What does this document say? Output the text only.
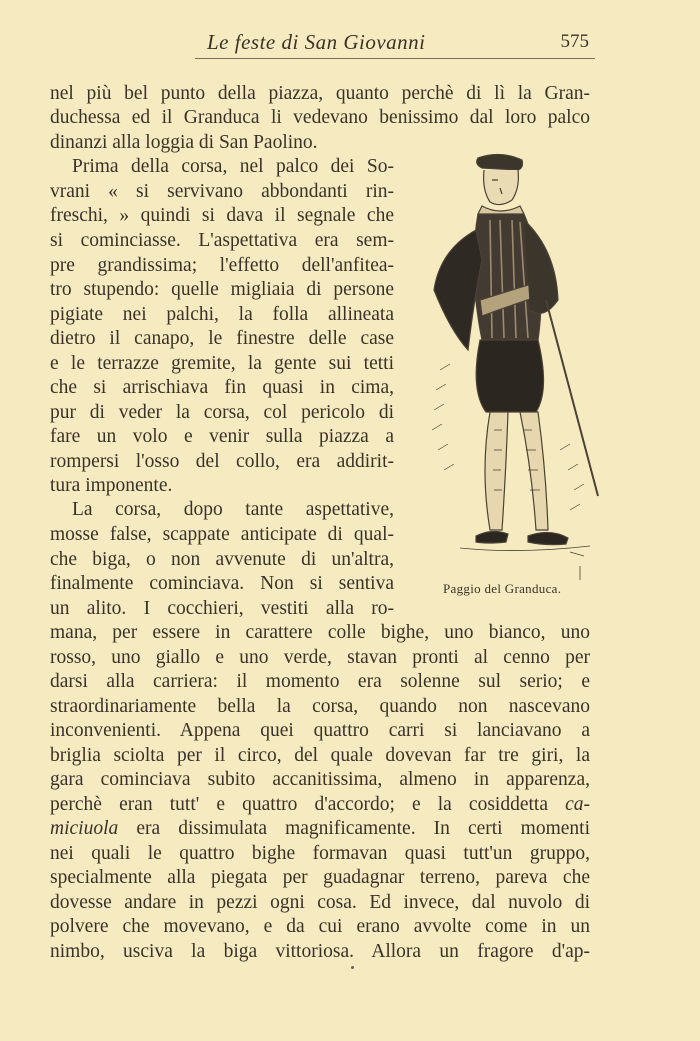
Le feste di San Giovanni	575
nel più bel punto della piazza, quanto perchè di lì la Gran-
duchessa ed il Granduca li vedevano benissimo dal loro palco
dinanzi alla loggia di San Paolino.
Prima della corsa, nel palco dei So-
vrani « si servivano abbondanti rin-
freschi, » quindi si dava il segnale che
si cominciasse. L'aspettativa era sem-
pre grandissima; l'effetto dell'anfitea-
tro stupendo: quelle migliaia di persone
pigiate nei palchi, la folla allineata
dietro il canapo, le finestre delle case
e le terrazze gremite, la gente sui tetti
che si arrischiava fin quasi in cima,
pur di veder la corsa, col pericolo di
fare un volo e venir sulla piazza a
rompersi l'osso del collo, era addirit-
tura imponente.
La corsa, dopo tante aspettative,
mosse false, scappate anticipate di qual-
che biga, o non avvenute di un'altra,
finalmente cominciava. Non si sentiva
un alito. I cocchieri, vestiti alla ro-
mana, per essere in carattere colle bighe, uno bianco, uno
rosso, uno giallo e uno verde, stavan pronti al cenno per
darsi alla carriera: il momento era solenne sul serio; e
straordinariamente bella la corsa, quando non nascevano
inconvenienti. Appena quei quattro carri si lanciavano a
briglia sciolta per il circo, del quale dovevan far tre giri, la
gara cominciava subito accanitissima, almeno in apparenza,
perchè eran tutt' e quattro d'accordo; e la cosiddetta ca-
miciuola era dissimulata magnificamente. In certi momenti
nei quali le quattro bighe formavan quasi tutt'un gruppo,
specialmente alla piegata per guadagnar terreno, pareva che
dovesse andare in pezzi ogni cosa. Ed invece, dal nuvolo di
polvere che movevano, e da cui erano avvolte come in un
nimbo, usciva la biga vittoriosa. Allora un fragore d'ap-
Paggio del Granduca.
